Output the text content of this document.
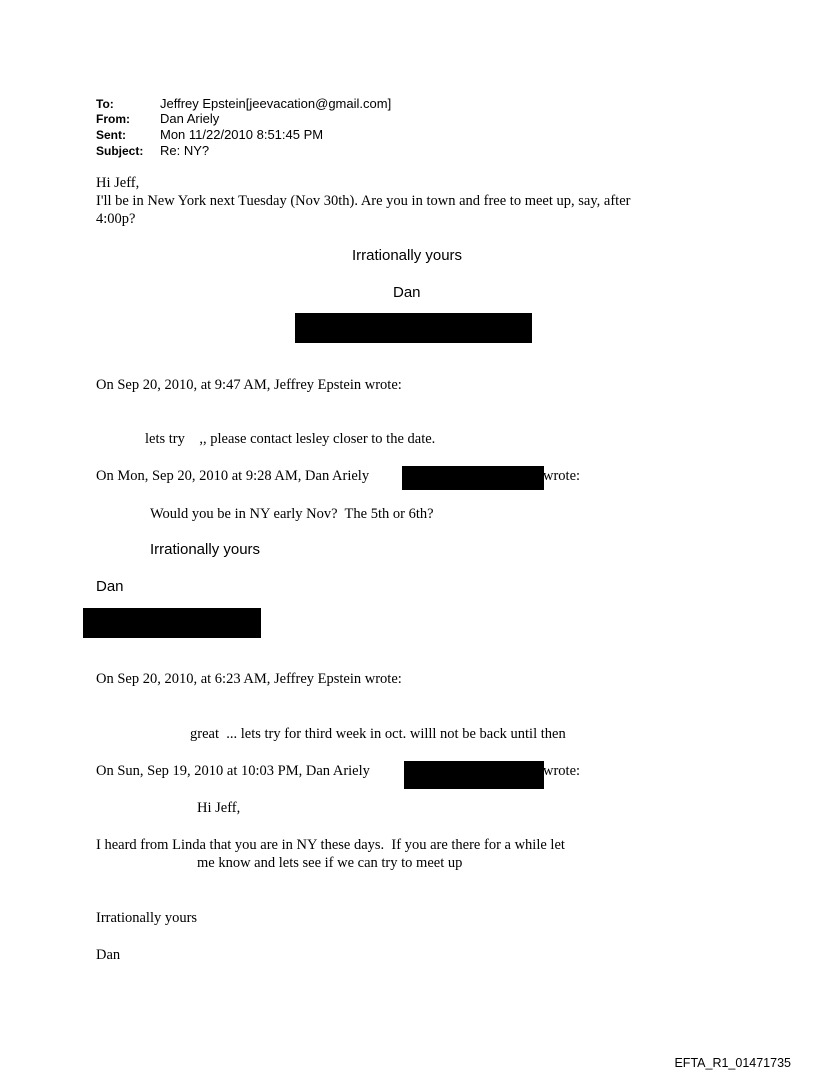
To:	Jeffrey Epstein[jeevacation@gmail.com]
From: Dan Ariely
Sent:	Mon 11/22/2010 8:51:45 PM
Subject: Re: NY?
Hi Jeff,
I'll be in New York next Tuesday (Nov 30th). Are you in town and free to meet up, say, after
4:00p?
Irrationally yours
Dan
On Sep 20, 2010, at 9:47 AM, Jeffrey Epstein wrote:
lets try    ,, please contact lesley closer to the date.
On Mon, Sep 20, 2010 at 9:28 AM, Dan Ariely	wrote:
Would you be in NY early Nov?  The 5th or 6th?
Irrationally yours
Dan
On Sep 20, 2010, at 6:23 AM, Jeffrey Epstein wrote:
great  ... lets try for third week in oct. willl not be back until then
On Sun, Sep 19, 2010 at 10:03 PM, Dan Ariely	wrote:
Hi Jeff,
I heard from Linda that you are in NY these days.  If you are there for a while let
me know and lets see if we can try to meet up
Irrationally yours
Dan
EFTA_R1_01471735
